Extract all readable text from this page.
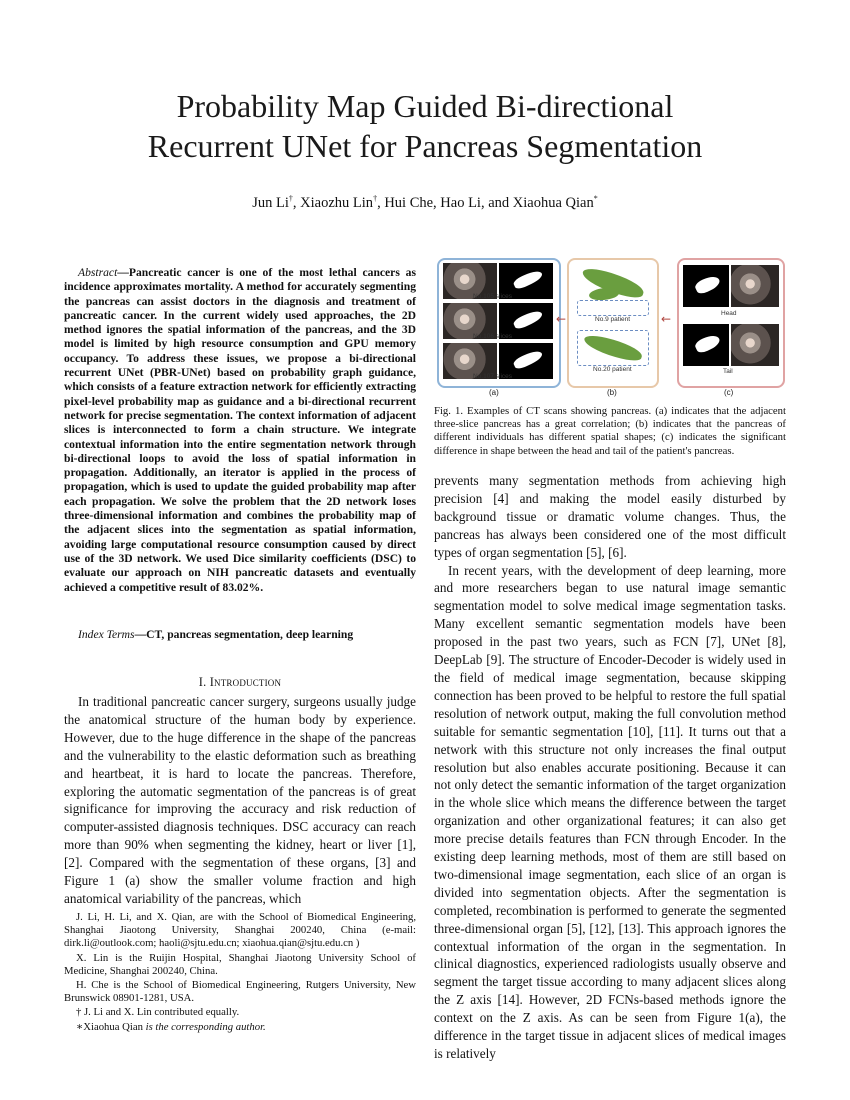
Probability Map Guided Bi-directional
Recurrent UNet for Pancreas Segmentation
Jun Li†, Xiaozhu Lin†, Hui Che, Hao Li, and Xiaohua Qian*
Abstract—Pancreatic cancer is one of the most lethal cancers as incidence approximates mortality. A method for accurately segmenting the pancreas can assist doctors in the diagnosis and treatment of pancreatic cancer. In the current widely used approaches, the 2D method ignores the spatial information of the pancreas, and the 3D model is limited by high resource consumption and GPU memory occupancy. To address these issues, we propose a bi-directional recurrent UNet (PBR-UNet) based on probability graph guidance, which consists of a feature extraction network for efficiently extracting pixel-level probability map as guidance and a bi-directional recurrent network for precise segmentation. The context information of adjacent slices is interconnected to form a chain structure. We integrate contextual information into the entire segmentation network through bi-directional loops to avoid the loss of spatial information in propagation. Additionally, an iterator is applied in the process of propagation, which is used to update the guided probability map after each propagation. We solve the problem that the 2D network loses three-dimensional information and combines the probability map of the adjacent slices into the segmentation as spatial information, avoiding large computational resource consumption caused by direct use of the 3D network. We used Dice similarity coefficients (DSC) to evaluate our approach on NIH pancreatic datasets and eventually achieved a competitive result of 83.02%.
Index Terms—CT, pancreas segmentation, deep learning
I. Introduction

In traditional pancreatic cancer surgery, surgeons usually judge the anatomical structure of the human body by experience. However, due to the huge difference in the shape of the pancreas and the vulnerability to the elastic deformation such as breathing and heartbeat, it is hard to locate the pancreas. Therefore, exploring the automatic segmentation of the pancreas is of great significance for improving the accuracy and risk reduction of computer-assisted diagnosis techniques. DSC accuracy can reach more than 90% when segmenting the kidney, heart or liver [1], [2]. Compared with the segmentation of these organs, [3] and Figure 1 (a) show the smaller volume fraction and high anatomical variability of the pancreas, which

J. Li, H. Li, and X. Qian, are with the School of Biomedical Engineering, Shanghai Jiaotong University, Shanghai 200240, China (e-mail: dirk.li@outlook.com; haoli@sjtu.edu.cn; xiaohua.qian@sjtu.edu.cn )

X. Lin is the Ruijin Hospital, Shanghai Jiaotong University School of Medicine, Shanghai 200240, China.

H. Che is the School of Biomedical Engineering, Rutgers University, New Brunswick 08901-1281, USA.

† J. Li and X. Lin contributed equally.

∗Xiaohua Qian is the corresponding author.

No.105 slices
No.106 slices
No.107 slices
(a)
←	No.9 patient
No.20 patient
(b)
←	Head
Tail
(c)
Fig. 1. Examples of CT scans showing pancreas. (a) indicates that the adjacent three-slice pancreas has a great correlation; (b) indicates that the pancreas of different individuals has different spatial shapes; (c) indicates the significant difference in shape between the head and tail of the patient's pancreas.

prevents many segmentation methods from achieving high precision [4] and making the model easily disturbed by background tissue or dramatic volume changes. Thus, the pancreas has always been considered one of the most difficult types of organ segmentation [5], [6].

In recent years, with the development of deep learning, more and more researchers began to use natural image semantic segmentation model to solve medical image segmentation tasks. Many excellent semantic segmentation models have been proposed in the past two years, such as FCN [7], UNet [8], DeepLab [9]. The structure of Encoder-Decoder is widely used in the field of medical image segmentation, because skipping connection has been proved to be helpful to restore the full spatial resolution of network output, making the full convolution method suitable for semantic segmentation [10], [11]. It turns out that a network with this structure not only increases the final output resolution but also enables accurate positioning. Because it can not only detect the semantic information of the target organization in the whole slice which means the difference between the target organization and other organizational features; it can also get more precise details features than FCN through Encoder. In the existing deep learning methods, most of them are still based on two-dimensional image segmentation, each slice of an organ is divided into segmentation objects. After the segmentation is completed, recombination is performed to generate the segmented three-dimensional organ [5], [12], [13]. This approach ignores the contextual information of the organ in the segmentation. In clinical diagnostics, experienced radiologists usually observe and segment the target tissue according to many adjacent slices along the Z axis [14]. However, 2D FCNs-based methods ignore the context on the Z axis. As can be seen from Figure 1(a), the difference in the target tissue in adjacent slices of medical images is relatively
